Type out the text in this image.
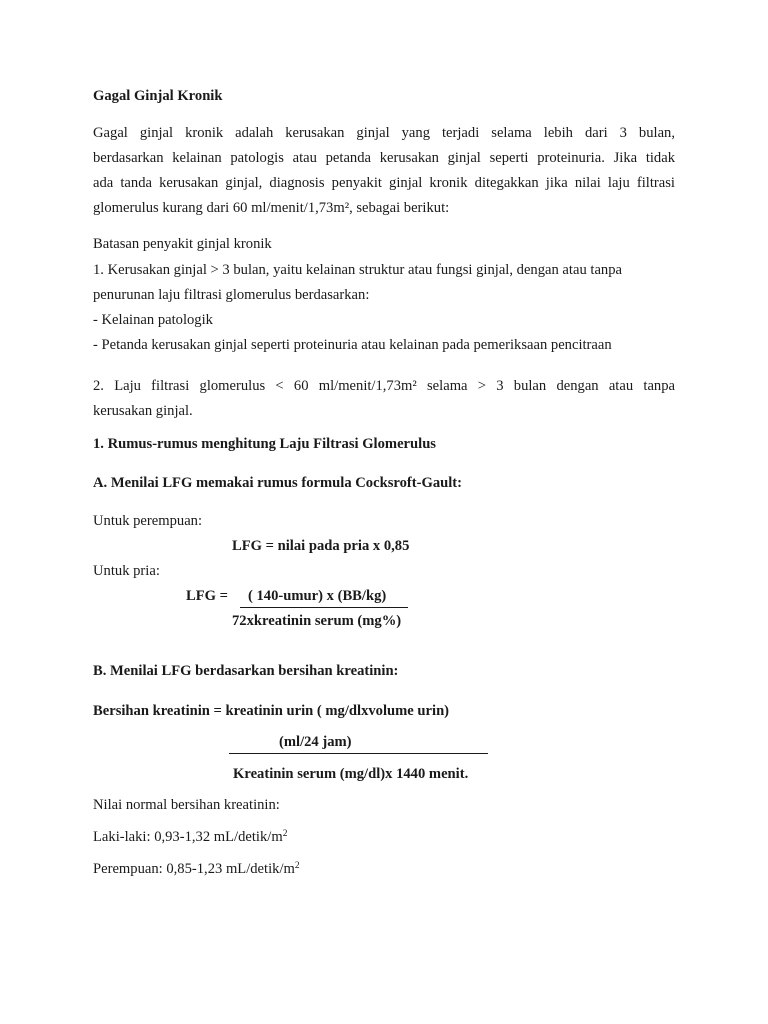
Gagal Ginjal Kronik
Gagal ginjal kronik adalah kerusakan ginjal yang terjadi selama lebih dari 3 bulan,
berdasarkan kelainan patologis atau petanda kerusakan ginjal seperti proteinuria. Jika tidak
ada tanda kerusakan ginjal, diagnosis penyakit ginjal kronik ditegakkan jika nilai laju filtrasi
glomerulus kurang dari 60 ml/menit/1,73m², sebagai berikut:
Batasan penyakit ginjal kronik
1. Kerusakan ginjal > 3 bulan, yaitu kelainan struktur atau fungsi ginjal, dengan atau tanpa
penurunan laju filtrasi glomerulus berdasarkan:
- Kelainan patologik
- Petanda kerusakan ginjal seperti proteinuria atau kelainan pada pemeriksaan pencitraan
2. Laju filtrasi glomerulus < 60 ml/menit/1,73m² selama > 3 bulan dengan atau tanpa
kerusakan ginjal.
1. Rumus-rumus menghitung Laju Filtrasi Glomerulus
A. Menilai LFG memakai rumus formula Cocksroft-Gault:
Untuk perempuan:
LFG = nilai pada pria x 0,85
Untuk pria:
LFG = ( 140-umur) x (BB/kg)
72xkreatinin serum (mg%)
B. Menilai LFG berdasarkan bersihan kreatinin:
Bersihan kreatinin = kreatinin urin ( mg/dlxvolume urin)
(ml/24 jam)
Kreatinin serum (mg/dl)x 1440 menit.
Nilai normal bersihan kreatinin:
Laki-laki: 0,93-1,32 $mL/detik/m^2$
Perempuan: 0,85-1,23 $mL/detik/m^2$
